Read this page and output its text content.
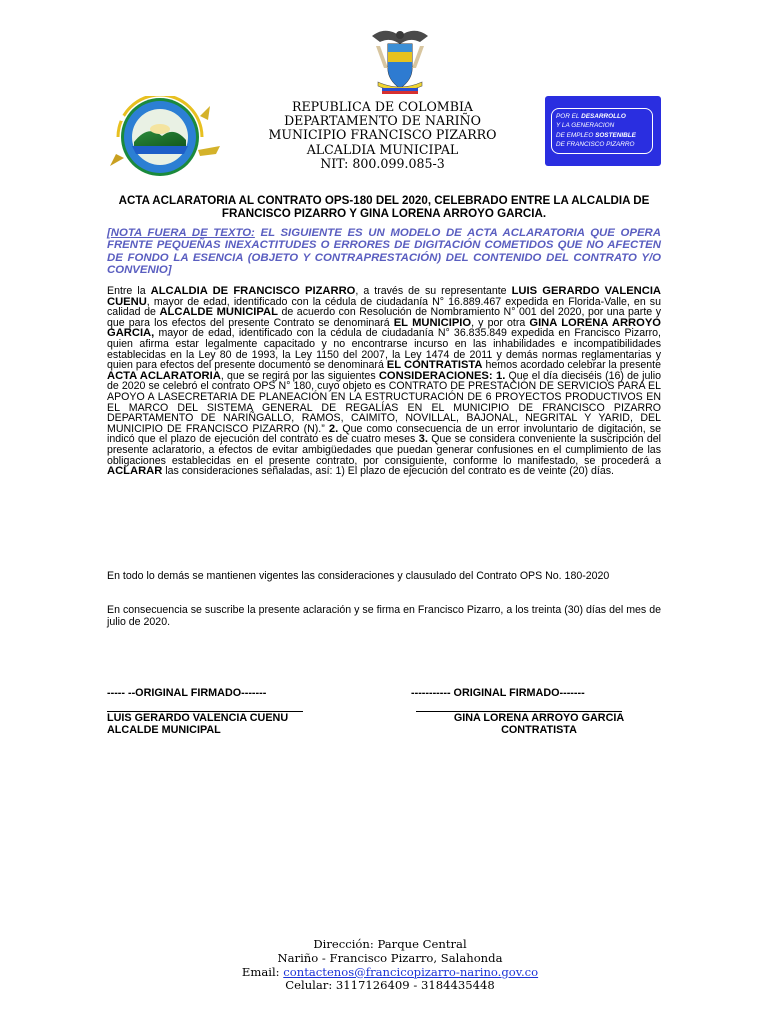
POR EL DESARROLLO
Y LA GENERACION
DE EMPLEO SOSTENIBLE
DE FRANCISCO PIZARRO
REPUBLICA DE COLOMBIA
DEPARTAMENTO DE NARIÑO
MUNICIPIO FRANCISCO PIZARRO
ALCALDIA MUNICIPAL
NIT: 800.099.085-3
ACTA ACLARATORIA AL CONTRATO OPS-180 DEL 2020, CELEBRADO ENTRE LA ALCALDIA DE FRANCISCO PIZARRO Y GINA LORENA ARROYO GARCIA.
[NOTA FUERA DE TEXTO: EL SIGUIENTE ES UN MODELO DE ACTA ACLARATORIA QUE OPERA FRENTE PEQUEÑAS INEXACTITUDES O ERRORES DE DIGITACIÓN COMETIDOS QUE NO AFECTEN DE FONDO LA ESENCIA (OBJETO Y CONTRAPRESTACIÓN) DEL CONTENIDO DEL CONTRATO Y/O CONVENIO]
Entre la ALCALDIA DE FRANCISCO PIZARRO, a través de su representante LUIS GERARDO VALENCIA CUENU, mayor de edad, identificado con la cédula de ciudadanía N° 16.889.467 expedida en Florida-Valle, en su calidad de ALCALDE MUNICIPAL de acuerdo con Resolución de Nombramiento N° 001 del 2020, por una parte y que para los efectos del presente Contrato se denominará EL MUNICIPIO, y por otra GINA LORENA ARROYO GARCIA, mayor de edad, identificado con la cédula de ciudadanía N° 36.835.849 expedida en Francisco Pizarro, quien afirma estar legalmente capacitado y no encontrarse incurso en las inhabilidades e incompatibilidades establecidas en la Ley 80 de 1993, la Ley 1150 del 2007, la Ley 1474 de 2011 y demás normas reglamentarias y quien para efectos del presente documento se denominará EL CONTRATISTA hemos acordado celebrar la presente ACTA ACLARATORIA, que se regirá por las siguientes CONSIDERACIONES: 1. Que el día dieciséis (16) de julio de 2020 se celebró el contrato OPS N° 180, cuyo objeto es CONTRATO DE PRESTACIÓN DE SERVICIOS PARA EL APOYO A LASECRETARIA DE PLANEACIÓN EN LA ESTRUCTURACIÓN DE 6 PROYECTOS PRODUCTIVOS EN EL MARCO DEL SISTEMA GENERAL DE REGALÍAS EN EL MUNICIPIO DE FRANCISCO PIZARRO DEPARTAMENTO DE NARIÑGALLO, RAMOS, CAIMITO, NOVILLAL, BAJONAL, NEGRITAL Y YARID, DEL MUNICIPIO DE FRANCISCO PIZARRO (N).” 2. Que como consecuencia de un error involuntario de digitación, se indicó que el plazo de ejecución del contrato es de cuatro meses 3. Que se considera conveniente la suscripción del presente aclaratorio, a efectos de evitar ambigüedades que puedan generar confusiones en el cumplimiento de las obligaciones establecidas en el presente contrato, por consiguiente, conforme lo manifestado, se procederá a ACLARAR las consideraciones señaladas, así: 1) El plazo de ejecución del contrato es de veinte (20) días.
En todo lo demás se mantienen vigentes las consideraciones y clausulado del Contrato OPS No. 180-2020
En consecuencia se suscribe la presente aclaración y se firma en Francisco Pizarro, a los treinta (30) días del mes de julio de 2020.
----- --ORIGINAL FIRMADO-------
LUIS GERARDO VALENCIA CUENU
ALCALDE MUNICIPAL
----------- ORIGINAL FIRMADO-------
GINA LORENA ARROYO GARCIA
CONTRATISTA
Dirección: Parque Central
Nariño - Francisco Pizarro, Salahonda
Email: contactenos@francicopizarro-narino.gov.co
Celular: 3117126409 - 3184435448
